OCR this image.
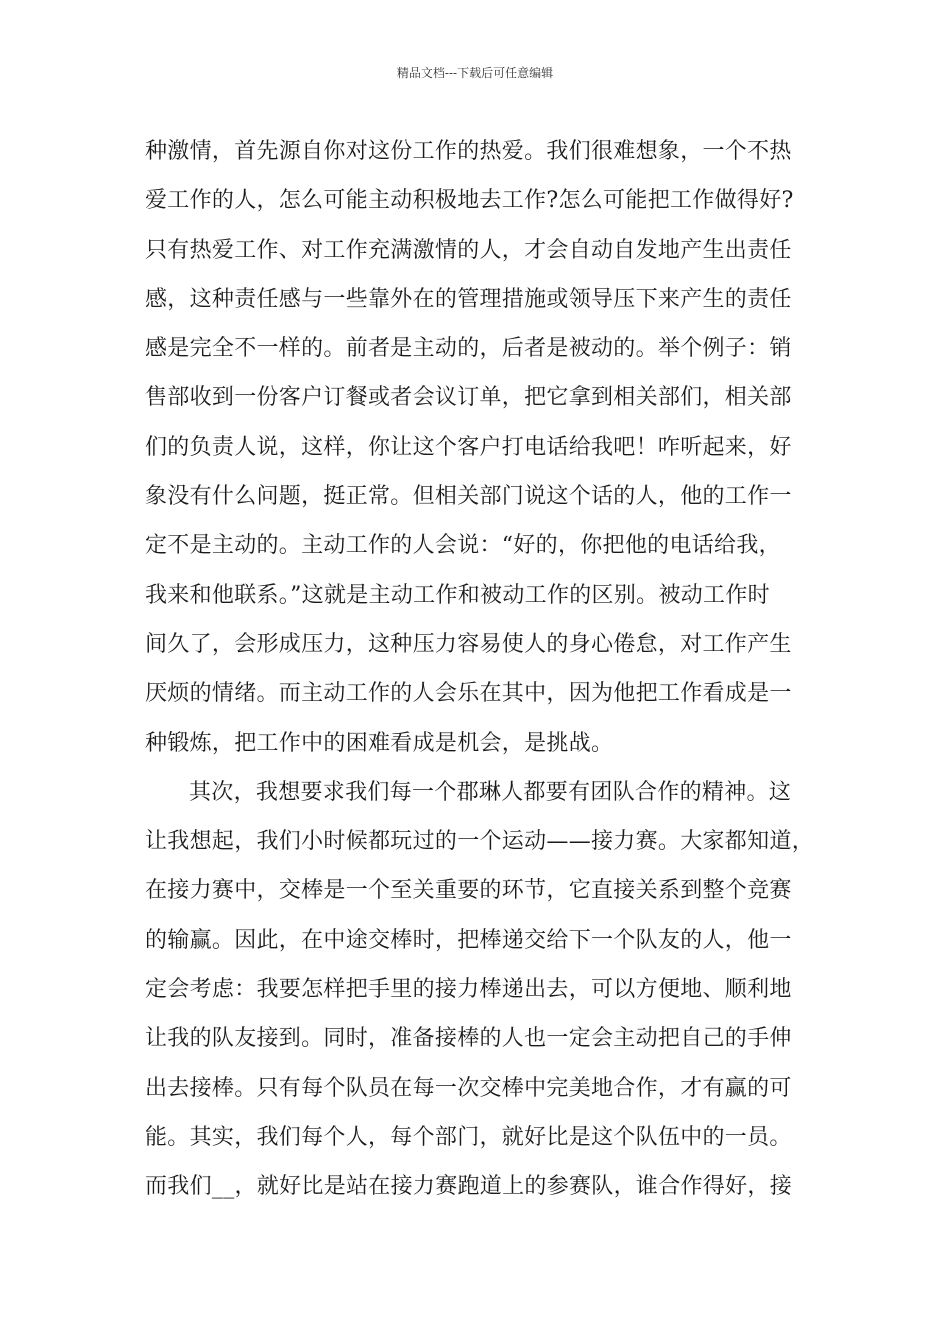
精品文档---下载后可任意编辑
种激情，首先源自你对这份工作的热爱。我们很难想象，一个不热
爱工作的人，怎么可能主动积极地去工作?怎么可能把工作做得好?
只有热爱工作、对工作充满激情的人，才会自动自发地产生出责任
感，这种责任感与一些靠外在的管理措施或领导压下来产生的责任
感是完全不一样的。前者是主动的，后者是被动的。举个例子：销
售部收到一份客户订餐或者会议订单，把它拿到相关部们，相关部
们的负责人说，这样，你让这个客户打电话给我吧！咋听起来，好
象没有什么问题，挺正常。但相关部门说这个话的人，他的工作一
定不是主动的。主动工作的人会说：“好的，你把他的电话给我，
我来和他联系。”这就是主动工作和被动工作的区别。被动工作时
间久了，会形成压力，这种压力容易使人的身心倦怠，对工作产生
厌烦的情绪。而主动工作的人会乐在其中，因为他把工作看成是一
种锻炼，把工作中的困难看成是机会，是挑战。
其次，我想要求我们每一个郡琳人都要有团队合作的精神。这
让我想起，我们小时候都玩过的一个运动——接力赛。大家都知道，
在接力赛中，交棒是一个至关重要的环节，它直接关系到整个竞赛
的输赢。因此，在中途交棒时，把棒递交给下一个队友的人，他一
定会考虑：我要怎样把手里的接力棒递出去，可以方便地、顺利地
让我的队友接到。同时，准备接棒的人也一定会主动把自己的手伸
出去接棒。只有每个队员在每一次交棒中完美地合作，才有赢的可
能。其实，我们每个人，每个部门，就好比是这个队伍中的一员。
而我们__，就好比是站在接力赛跑道上的参赛队，谁合作得好，接
